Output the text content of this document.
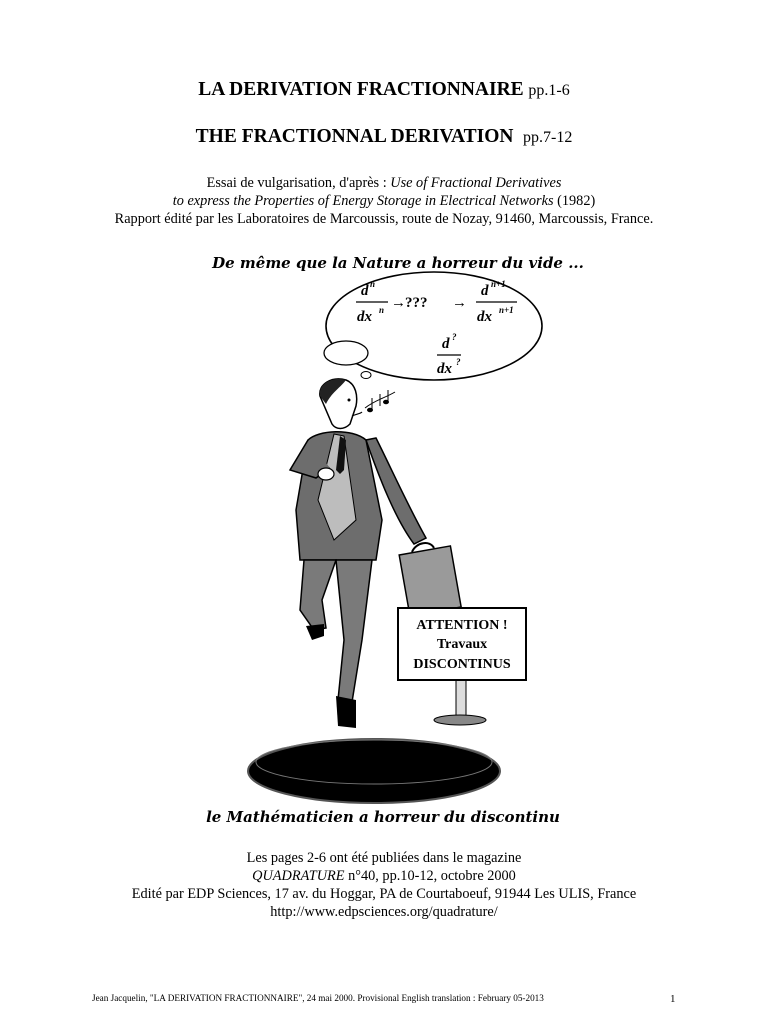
LA DERIVATION FRACTIONNAIRE pp.1-6
THE FRACTIONNAL DERIVATION pp.7-12
Essai de vulgarisation, d'après : Use of Fractional Derivatives
to express the Properties of Energy Storage in Electrical Networks (1982)
Rapport édité par les Laboratoires de Marcoussis, route de Nozay, 91460, Marcoussis, France.
De même que la Nature a horreur du vide ...
d n
dx n → ??? →
d n+1
dx n+1
d ?
dx ?
ATTENTION !
Travaux
DISCONTINUS
le Mathématicien a horreur du discontinu
Les pages 2-6 ont été publiées dans le magazine
QUADRATURE n°40, pp.10-12, octobre 2000
Edité par EDP Sciences, 17 av. du Hoggar, PA de Courtaboeuf, 91944 Les ULIS, France
http://www.edpsciences.org/quadrature/
Jean Jacquelin, "LA DERIVATION FRACTIONNAIRE", 24 mai 2000. Provisional English translation : February 05-2013	1
